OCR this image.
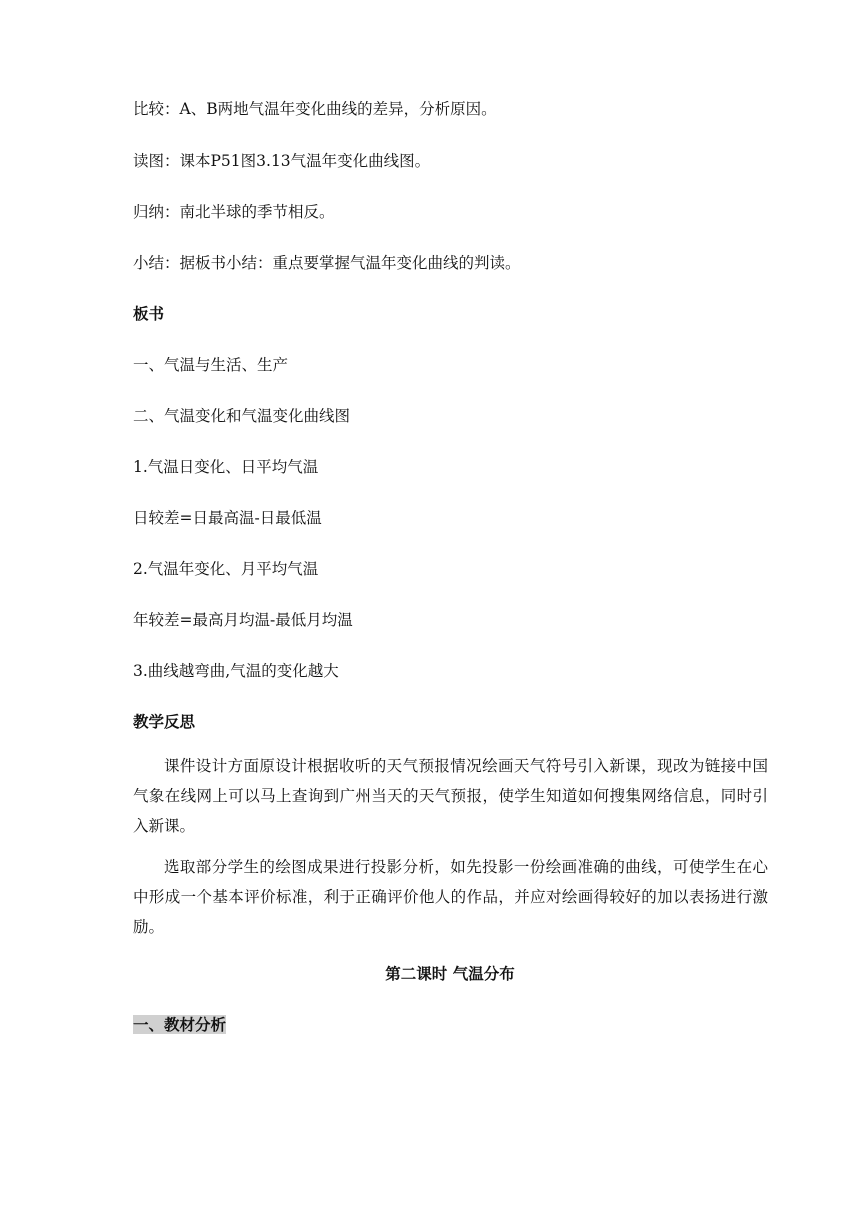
比较：A、B两地气温年变化曲线的差异，分析原因。
读图：课本P51图3.13气温年变化曲线图。
归纳：南北半球的季节相反。
小结：据板书小结：重点要掌握气温年变化曲线的判读。
板书
一、气温与生活、生产
二、气温变化和气温变化曲线图
1.气温日变化、日平均气温
日较差=日最高温-日最低温
2.气温年变化、月平均气温
年较差=最高月均温-最低月均温
3.曲线越弯曲,气温的变化越大
教学反思
课件设计方面原设计根据收听的天气预报情况绘画天气符号引入新课，现改为链接中国气象在线网上可以马上查询到广州当天的天气预报，使学生知道如何搜集网络信息，同时引入新课。
选取部分学生的绘图成果进行投影分析，如先投影一份绘画准确的曲线，可使学生在心中形成一个基本评价标准，利于正确评价他人的作品，并应对绘画得较好的加以表扬进行激励。
第二课时 气温分布
一、教材分析
